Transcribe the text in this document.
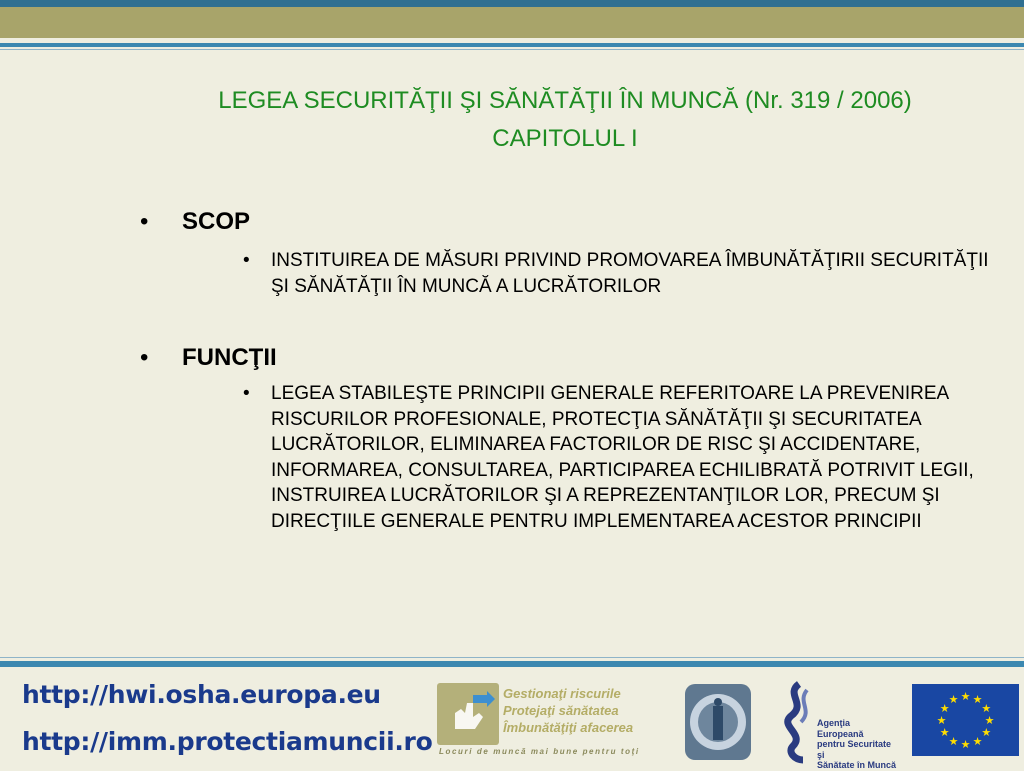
LEGEA SECURITĂŢII ŞI SĂNĂTĂŢII ÎN MUNCĂ (Nr. 319 / 2006)
CAPITOLUL I
•	SCOP
•	INSTITUIREA DE MĂSURI PRIVIND PROMOVAREA ÎMBUNĂTĂŢIRII SECURITĂŢII ŞI SĂNĂTĂŢII ÎN MUNCĂ A LUCRĂTORILOR
•	FUNCŢII
•	LEGEA STABILEŞTE PRINCIPII GENERALE REFERITOARE LA PREVENIREA RISCURILOR PROFESIONALE, PROTECŢIA SĂNĂTĂŢII ŞI SECURITATEA LUCRĂTORILOR, ELIMINAREA FACTORILOR DE RISC ŞI ACCIDENTARE, INFORMAREA, CONSULTAREA, PARTICIPAREA ECHILIBRATĂ POTRIVIT LEGII, INSTRUIREA LUCRĂTORILOR ŞI A REPREZENTANŢILOR LOR, PRECUM ŞI DIRECŢIILE GENERALE PENTRU IMPLEMENTAREA ACESTOR PRINCIPII
http://hwi.osha.europa.eu
http://imm.protectiamuncii.ro
Gestionaţi riscurile
Protejaţi sănătatea
Îmbunătăţiţi afacerea
Locuri de muncă mai bune pentru toţi
Agenţia Europeană
pentru Securitate şi
Sănătate în Muncă
★ ★
★
★
★
★
★
★
★
★
★
★
